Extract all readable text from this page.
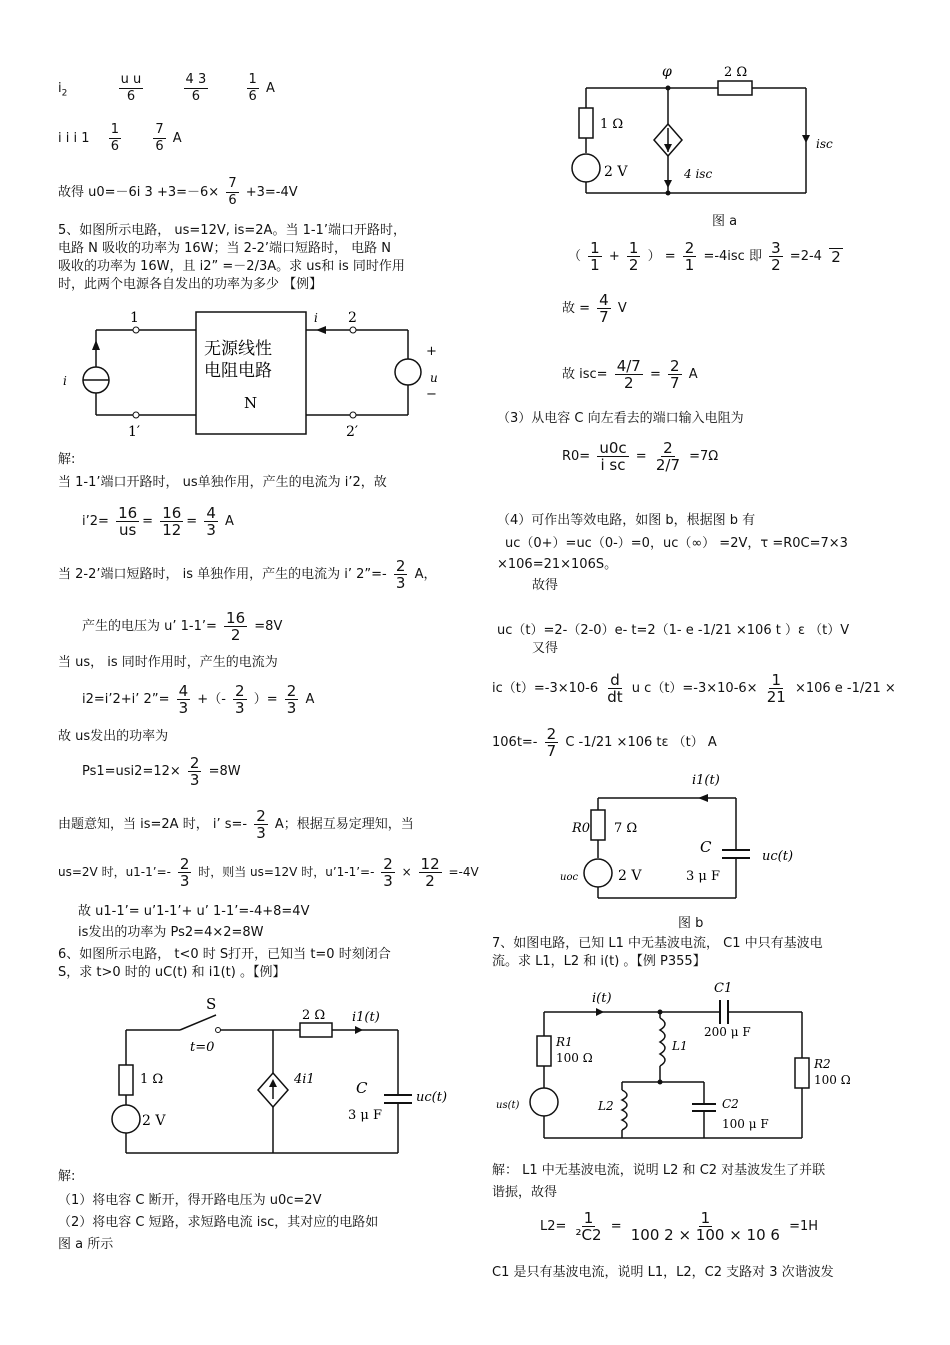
$i_2$	$\frac{\text{u u}}{6}$
	$\frac{4 3}{6}$
	$\frac{1}{6}$ A
i i i $1 \frac{1}{6}$
$\frac{7}{6}$ A
故得 u0=－6i $3 +3=-6\times \frac{7}{6} +3=-4V$
5、如图所示电路， us=12V, is=2A。当 1-1’端口开路时，
电路 N 吸收的功率为 16W；当 2-2’端口短路时， 电路 N
吸收的功率为 16W，且 i2” =－2/3A。求 us和 is 同时作用
时，此两个电源各自发出的功率为多少 【例】
1
1′
2
2′
i
i	u
+
−
无源线性
电阻电路
N
解:
当 1-1’端口开路时， us单独作用，产生的电流为 i’2，故
i’2= $\frac{16}{us} = \frac{16}{12} = \frac{4}{3}$ A
当 2-2’端口短路时， is 单独作用，产生的电流为 i’ 2”=- $\frac{2}{3}$ A，
产生的电压为 u’ 1-1’= $\frac{16}{2} =8V$
当 us， is 同时作用时，产生的电流为
i2=i’2+i’ 2”= $\frac{4}{3}$ +（- $\frac{2}{3}$ ）= $\frac{2}{3}$ A
故 us发出的功率为
$Ps1=usi2=12\times \frac{2}{3} =8W$
由题意知，当 is=2A 时， i’ $s=- \frac{2}{3}$ A；根据互易定理知，当
us=2V 时，u1-1’=- $\frac{2}{3}$ 时，则当 us=12V 时，u’1-1’=- $\frac{2}{3} \times \frac{12}{2} =-4V$
故 u1-1’= u’1-1’+ u’ 1-1’=-4+8=4V
is发出的功率为 Ps2=4×2=8W
6、如图所示电路， t<0 时 S打开，已知当 t=0 时刻闭合
S，求 t>0 时的 uC(t) 和 i1(t) 。【例】
S
t=0
1 Ω
2 Ω
2 V
4i1
i1(t)
C
3 μ F
uc(t)
解:
（1）将电容 C 断开，得开路电压为 u0c=2V
（2）将电容 C 短路，求短路电流 isc，其对应的电路如
图 a 所示
φ	2 Ω
1 Ω
2 V	4 isc
isc
图 a
（ $\frac{1}{1} + \frac{1}{2}$ ） = $\frac{2}{1} =-4isc$ 即 $\frac{3}{2} =2-4$ 2
故 = $\frac{4}{7}$ V
故 $isc= \frac{4/7}{2} = \frac{2}{7}$ A
（3）从电容 C 向左看去的端口输入电阻为
$R0= \frac{u0c}{\text{i sc}} = \frac{2}{2/7} =7\Omega$
（4）可作出等效电路，如图 b，根据图 b 有
uc（0+）=uc（0-）=0，uc（∞） =2V，τ =R0C=7×3
×106=21×106S。
故得
uc（t）=2-（2-0）e- t=2（1- e -1/21 ×106 t ）ε （t）V
又得
$ic(t)=-3\times 10-6 \frac{d}{dt}$ u $c(t)=-3\times 10-6\times \frac{1}{21} \times 106$ e -1/21 ×
$106t=- \frac{2}{7}$ C -1/21 ×106 tε （t） A
i1(t)
R0 7 Ω
2 V
uoc
C
3 μ F
uc(t)
图 b
7、如图电路，已知 L1 中无基波电流， C1 中只有基波电
流。求 L1，L2 和 i(t) 。【例 P355】
i(t)
C1
200 μ F
R1
100 Ω
L1
L2	C2
100 μ F
R2
100 Ω
us(t)
解： L1 中无基波电流，说明 L2 和 C2 对基波发生了并联
谐振，故得
$L2= \frac{1}{\text{²C2}} = \frac{1}{100 2 \times 100 \times 10 6} =1H$
C1 是只有基波电流，说明 L1，L2，C2 支路对 3 次谐波发
